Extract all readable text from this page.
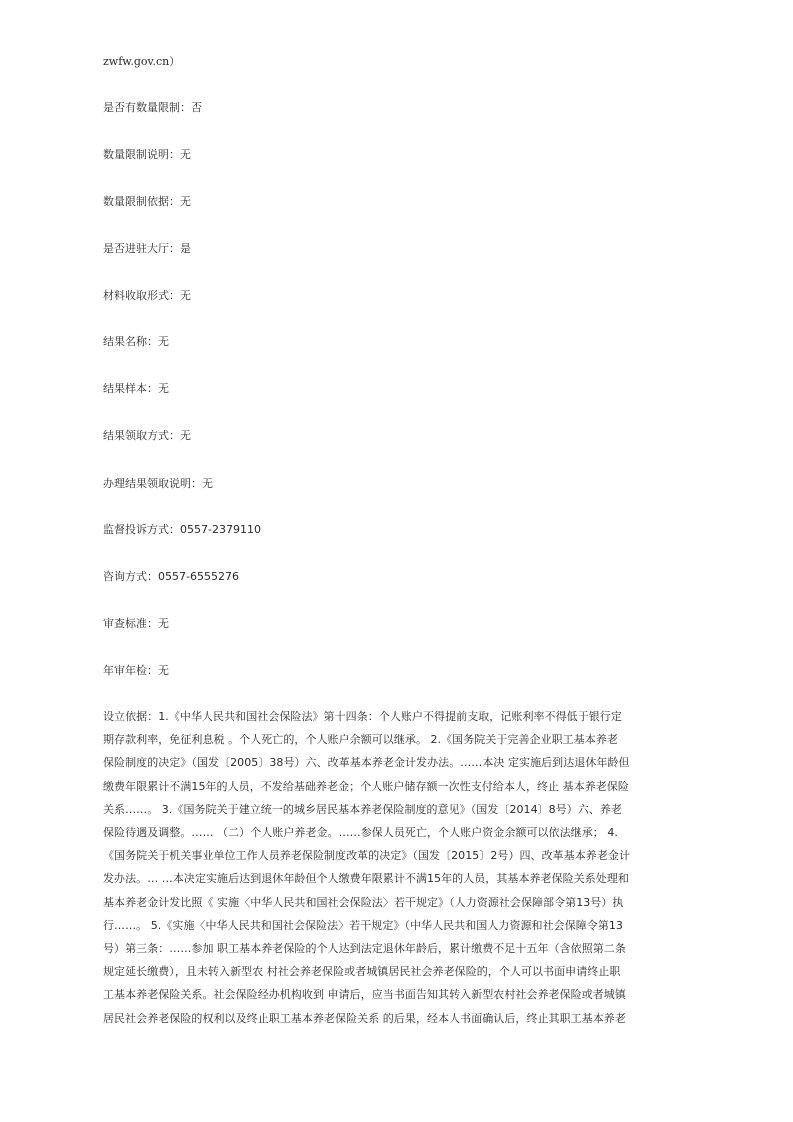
zwfw.gov.cn）
是否有数量限制：否
数量限制说明：无
数量限制依据：无
是否进驻大厅：是
材料收取形式：无
结果名称：无
结果样本：无
结果领取方式：无
办理结果领取说明：无
监督投诉方式：0557-2379110
咨询方式：0557-6555276
审查标准：无
年审年检：无
设立依据：1.《中华人民共和国社会保险法》第十四条：个人账户不得提前支取，记账利率不得低于银行定
期存款利率，免征利息税 。个人死亡的，个人账户余额可以继承。 2.《国务院关于完善企业职工基本养老
保险制度的决定》（国发〔2005〕38号）六、改革基本养老金计发办法。……本决 定实施后到达退休年龄但
缴费年限累计不满15年的人员，不发给基础养老金；个人账户储存额一次性支付给本人，终止 基本养老保险
关系……。 3.《国务院关于建立统一的城乡居民基本养老保险制度的意见》（国发〔2014〕8号）六、养老
保险待遇及调整。…… （二）个人账户养老金。……参保人员死亡，个人账户资金余额可以依法继承； 4.
《国务院关于机关事业单位工作人员养老保险制度改革的决定》（国发〔2015〕2号）四、改革基本养老金计
发办法。… …本决定实施后达到退休年龄但个人缴费年限累计不满15年的人员，其基本养老保险关系处理和
基本养老金计发比照《 实施〈中华人民共和国社会保险法〉若干规定》（人力资源社会保障部令第13号）执
行……。 5.《实施〈中华人民共和国社会保险法〉若干规定》（中华人民共和国人力资源和社会保障令第13
号）第三条：……参加 职工基本养老保险的个人达到法定退休年龄后，累计缴费不足十五年（含依照第二条
规定延长缴费），且未转入新型农 村社会养老保险或者城镇居民社会养老保险的，个人可以书面申请终止职
工基本养老保险关系。社会保险经办机构收到 申请后，应当书面告知其转入新型农村社会养老保险或者城镇
居民社会养老保险的权利以及终止职工基本养老保险关系 的后果，经本人书面确认后，终止其职工基本养老
